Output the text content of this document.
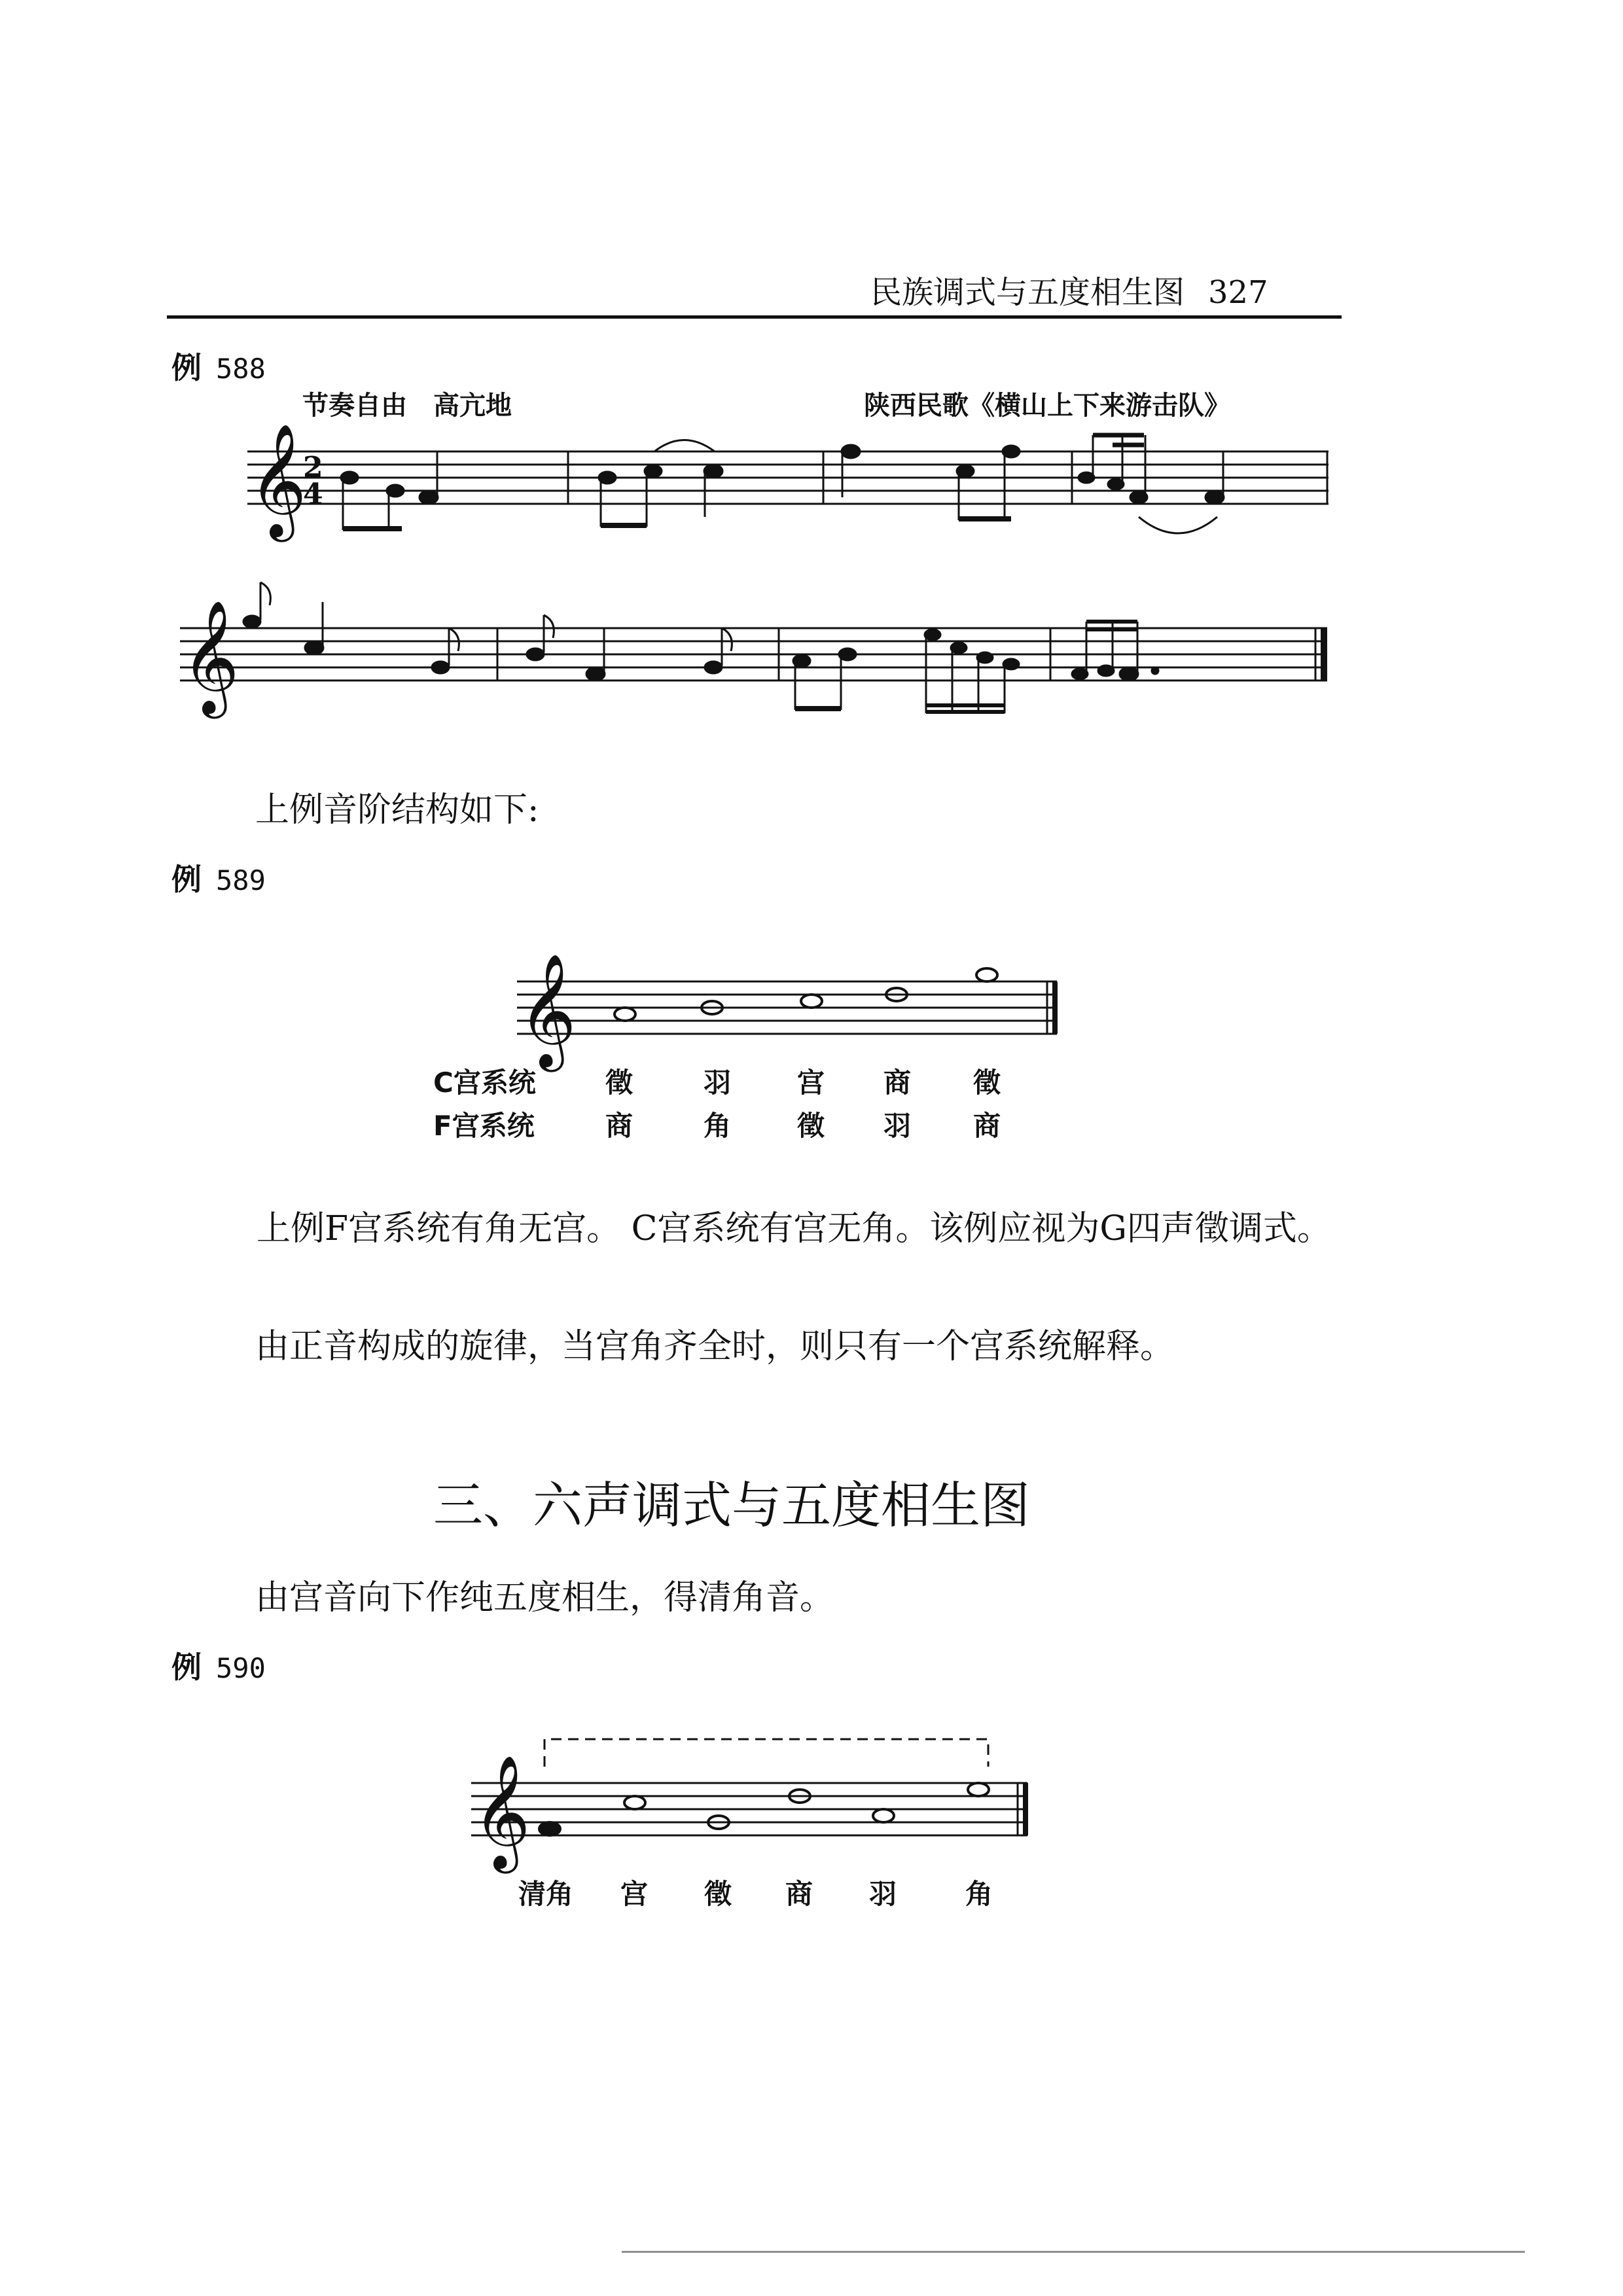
民族调式与五度相生图 327
例 588
节奏自由　高亢地	陕西民歌《横山上下来游击队》
𝄞
𝄞
𝄞
𝄞
2
4
上例音阶结构如下:
例 589
C宫系统	徵	羽 宫 商 徵
F宫系统	商	角 徵 羽 商
上例F宫系统有角无宫。 C宫系统有宫无角。该例应视为G四声徵调式。
由正音构成的旋律，当宫角齐全时，则只有一个宫系统解释。
三、六声调式与五度相生图
由宫音向下作纯五度相生，得清角音。
例 590
清角 宫 徵 商 羽 角
